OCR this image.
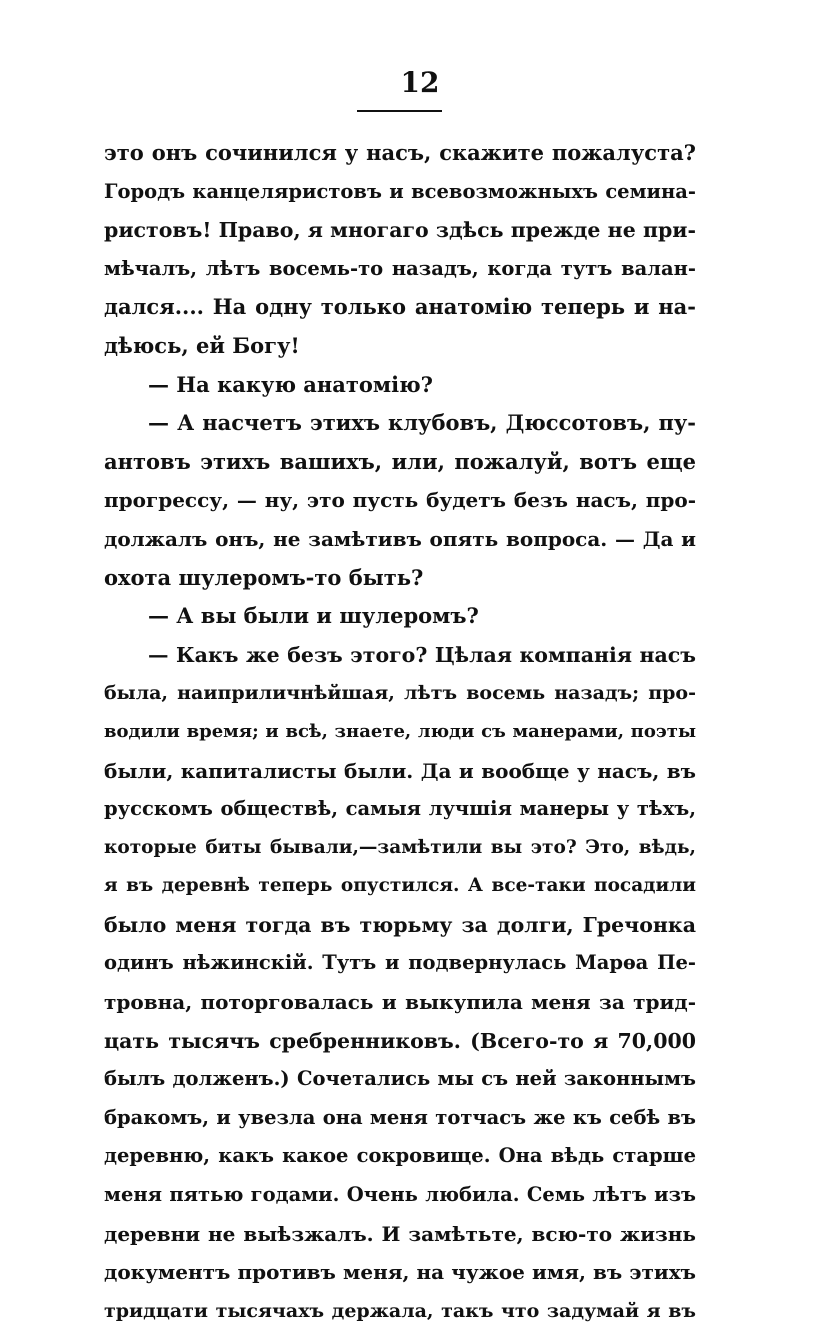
12
это онъ сочинился у насъ, скажите пожалуста?
Городъ канцеляристовъ и всевозможныхъ семина-
ристовъ! Право, я многаго здѣсь прежде не при-
мѣчалъ, лѣтъ восемь-то назадъ, когда тутъ валан-
дался.... На одну только анатомію теперь и на-
дѣюсь, ей Богу!
— На какую анатомію?
— А насчетъ этихъ клубовъ, Дюссотовъ, пу-
антовъ этихъ вашихъ, или, пожалуй, вотъ еще
прогрессу, — ну, это пусть будетъ безъ насъ, про-
должалъ онъ, не замѣтивъ опять вопроса. — Да и
охота шулеромъ-то быть?
— А вы были и шулеромъ?
— Какъ же безъ этого? Цѣлая компанія насъ
была, наиприличнѣйшая, лѣтъ восемь назадъ; про-
водили время; и всѣ, знаете, люди съ манерами, поэты
были, капиталисты были. Да и вообще у насъ, въ
русскомъ обществѣ, самыя лучшія манеры у тѣхъ,
которые биты бывали,—замѣтили вы это? Это, вѣдь,
я въ деревнѣ теперь опустился. А все-таки посадили
было меня тогда въ тюрьму за долги, Гречонка
одинъ нѣжинскій. Тутъ и подвернулась Марѳа Пе-
тровна, поторговалась и выкупила меня за трид-
цать тысячъ сребренниковъ. (Всего-то я 70,000
былъ долженъ.) Сочетались мы съ ней законнымъ
бракомъ, и увезла она меня тотчасъ же къ себѣ въ
деревню, какъ какое сокровище. Она вѣдь старше
меня пятью годами. Очень любила. Семь лѣтъ изъ
деревни не выѣзжалъ. И замѣтьте, всю-то жизнь
документъ противъ меня, на чужое имя, въ этихъ
тридцати тысячахъ держала, такъ что задумай я въ
